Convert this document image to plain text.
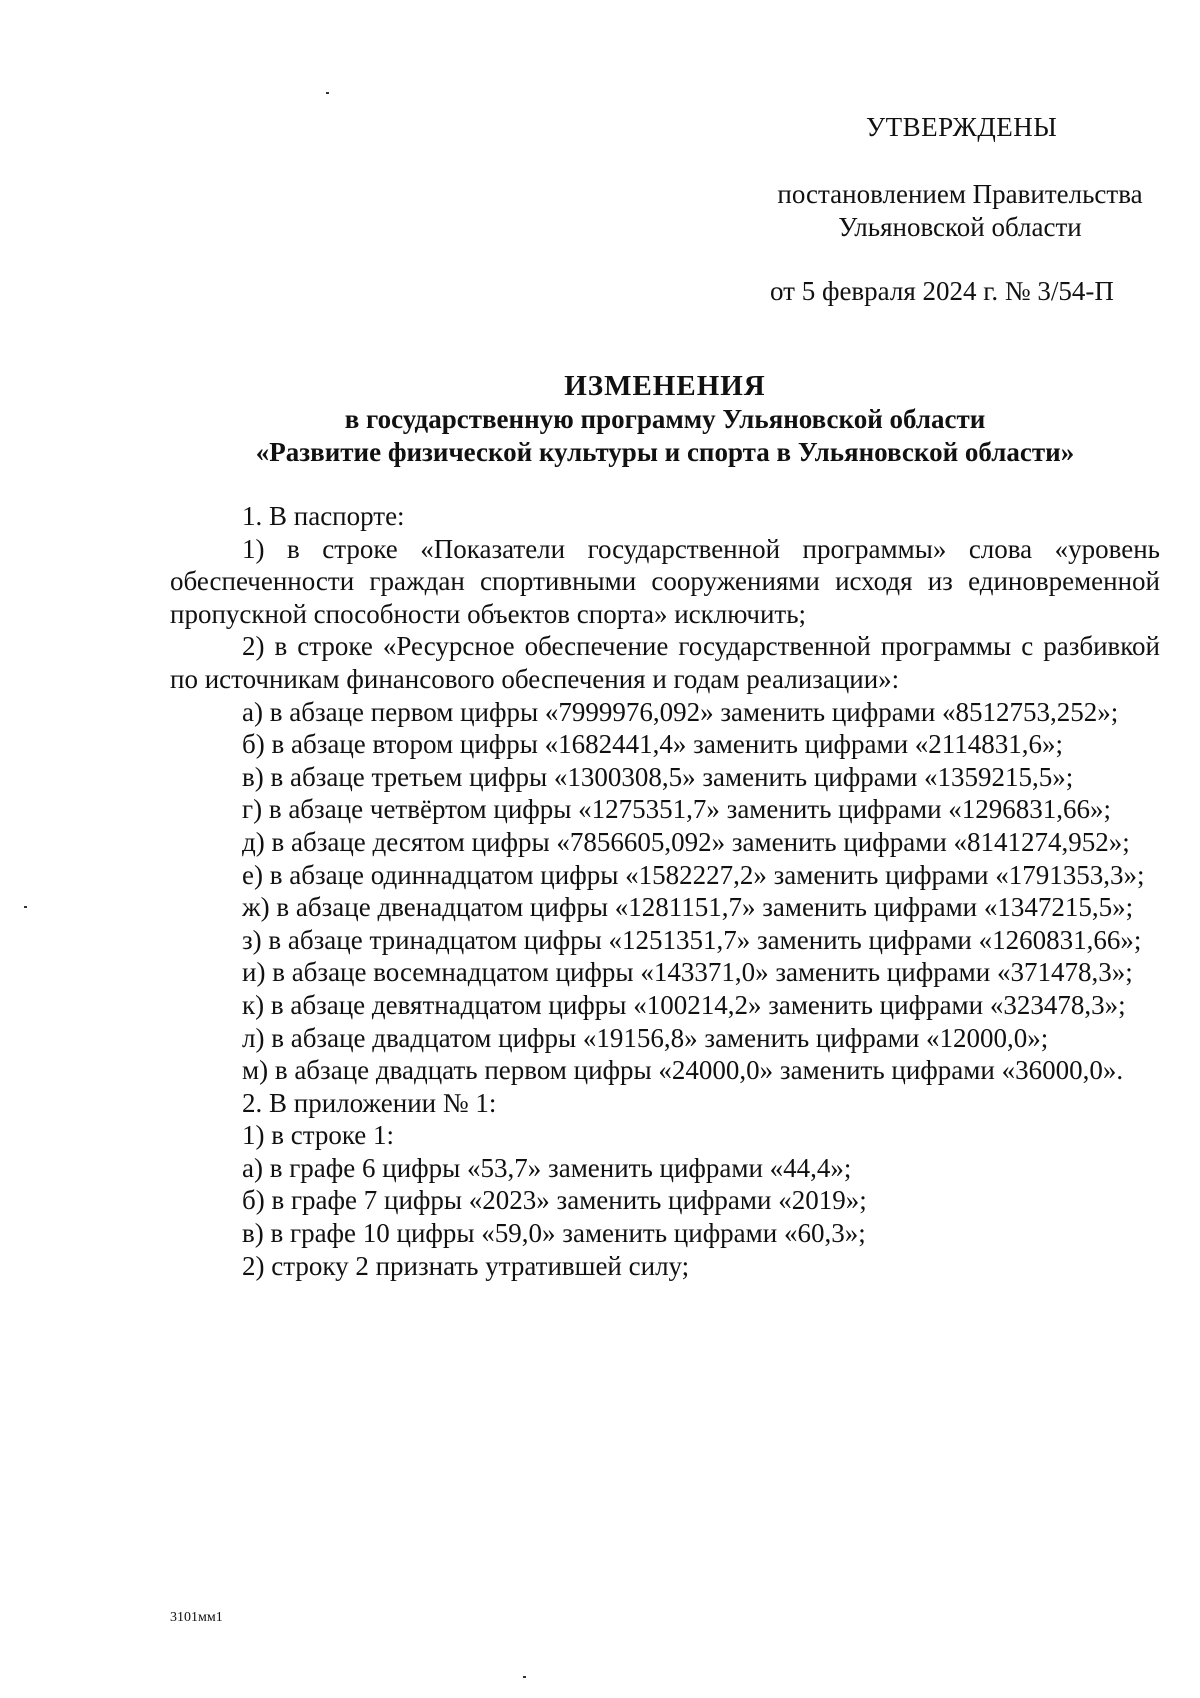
УТВЕРЖДЕНЫ
постановлением Правительства
Ульяновской области
от 5 февраля 2024 г. № 3/54-П
ИЗМЕНЕНИЯ
в государственную программу Ульяновской области
«Развитие физической культуры и спорта в Ульяновской области»

1. В паспорте:

1) в строке «Показатели государственной программы» слова «уровень обеспеченности граждан спортивными сооружениями исходя из единовременной пропускной способности объектов спорта» исключить;

2) в строке «Ресурсное обеспечение государственной программы с разбивкой по источникам финансового обеспечения и годам реализации»:

а) в абзаце первом цифры «7999976,092» заменить цифрами «8512753,252»;

б) в абзаце втором цифры «1682441,4» заменить цифрами «2114831,6»;

в) в абзаце третьем цифры «1300308,5» заменить цифрами «1359215,5»;

г) в абзаце четвёртом цифры «1275351,7» заменить цифрами «1296831,66»;

д) в абзаце десятом цифры «7856605,092» заменить цифрами «8141274,952»;

е) в абзаце одиннадцатом цифры «1582227,2» заменить цифрами «1791353,3»;

ж) в абзаце двенадцатом цифры «1281151,7» заменить цифрами «1347215,5»;

з) в абзаце тринадцатом цифры «1251351,7» заменить цифрами «1260831,66»;

и) в абзаце восемнадцатом цифры «143371,0» заменить цифрами «371478,3»;

к) в абзаце девятнадцатом цифры «100214,2» заменить цифрами «323478,3»;

л) в абзаце двадцатом цифры «19156,8» заменить цифрами «12000,0»;

м) в абзаце двадцать первом цифры «24000,0» заменить цифрами «36000,0».

2. В приложении № 1:

1) в строке 1:

а) в графе 6 цифры «53,7» заменить цифрами «44,4»;

б) в графе 7 цифры «2023» заменить цифрами «2019»;

в) в графе 10 цифры «59,0» заменить цифрами «60,3»;

2) строку 2 признать утратившей силу;

3101мм1
